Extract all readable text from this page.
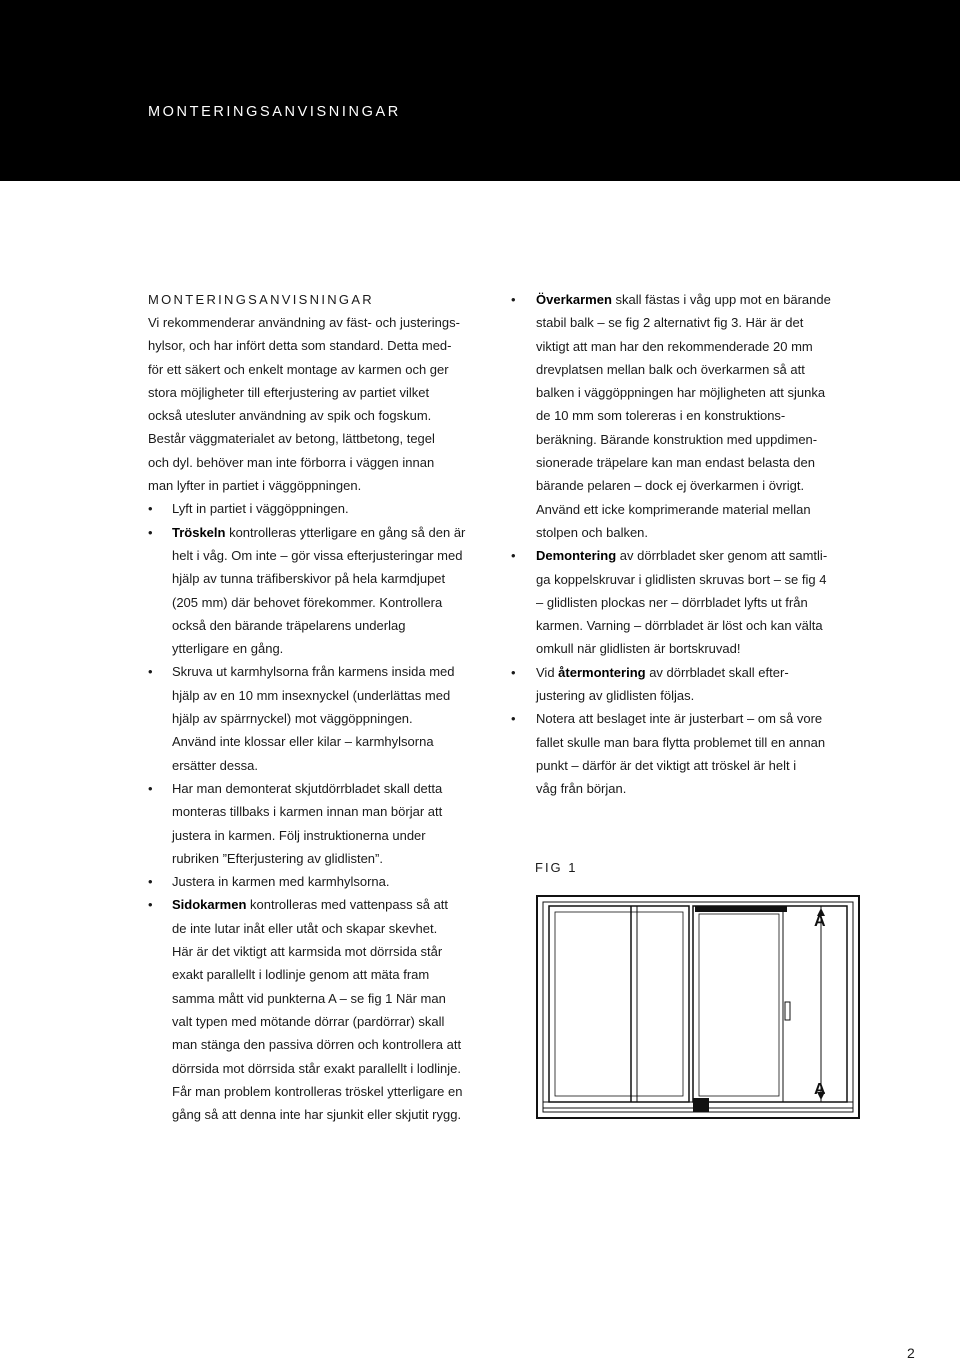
MONTERINGSANVISNINGAR

MONTERINGSANVISNINGAR

Vi rekommenderar användning av fäst- och justerings-
hylsor, och har infört detta som standard. Detta med-
för ett säkert och enkelt montage av karmen och ger
stora möjligheter till efterjustering av partiet vilket
också utesluter användning av spik och fogskum.
Består väggmaterialet av betong, lättbetong, tegel
och dyl. behöver man inte förborra i väggen innan
man lyfter in partiet i väggöppningen.
• Lyft in partiet i väggöppningen.
• Tröskeln kontrolleras ytterligare en gång så den är
helt i våg. Om inte – gör vissa efterjusteringar med
hjälp av tunna träfiberskivor på hela karmdjupet
(205 mm) där behovet förekommer. Kontrollera
också den bärande träpelarens underlag
ytterligare en gång.
• Skruva ut karmhylsorna från karmens insida med
hjälp av en 10 mm insexnyckel (underlättas med
hjälp av spärrnyckel) mot väggöppningen.
Använd inte klossar eller kilar – karmhylsorna
ersätter dessa.
• Har man demonterat skjutdörrbladet skall detta
monteras tillbaks i karmen innan man börjar att
justera in karmen. Följ instruktionerna under
rubriken ”Efterjustering av glidlisten”.
• Justera in karmen med karmhylsorna.
• Sidokarmen kontrolleras med vattenpass så att
de inte lutar inåt eller utåt och skapar skevhet.
Här är det viktigt att karmsida mot dörrsida står
exakt parallellt i lodlinje genom att mäta fram
samma mått vid punkterna A – se fig 1 När man
valt typen med mötande dörrar (pardörrar) skall
man stänga den passiva dörren och kontrollera att
dörrsida mot dörrsida står exakt parallellt i lodlinje.
Får man problem kontrolleras tröskel ytterligare en
gång så att denna inte har sjunkit eller skjutit rygg.
• Överkarmen skall fästas i våg upp mot en bärande
stabil balk – se fig 2 alternativt fig 3. Här är det
viktigt att man har den rekommenderade 20 mm
drevplatsen mellan balk och överkarmen så att
balken i väggöppningen har möjligheten att sjunka
de 10 mm som tolereras i en konstruktions-
beräkning. Bärande konstruktion med uppdimen-
sionerade träpelare kan man endast belasta den
bärande pelaren – dock ej överkarmen i övrigt.
Använd ett icke komprimerande material mellan
stolpen och balken.
• Demontering av dörrbladet sker genom att samtli-
ga koppelskruvar i glidlisten skruvas bort – se fig 4
– glidlisten plockas ner – dörrbladet lyfts ut från
karmen. Varning – dörrbladet är löst och kan välta
omkull när glidlisten är bortskruvad!
• Vid återmontering av dörrbladet skall efter-
justering av glidlisten följas.
• Notera att beslaget inte är justerbart – om så vore
fallet skulle man bara flytta problemet till en annan
punkt – därför är det viktigt att tröskel är helt i
våg från början.
FIG 1
A
A
2
